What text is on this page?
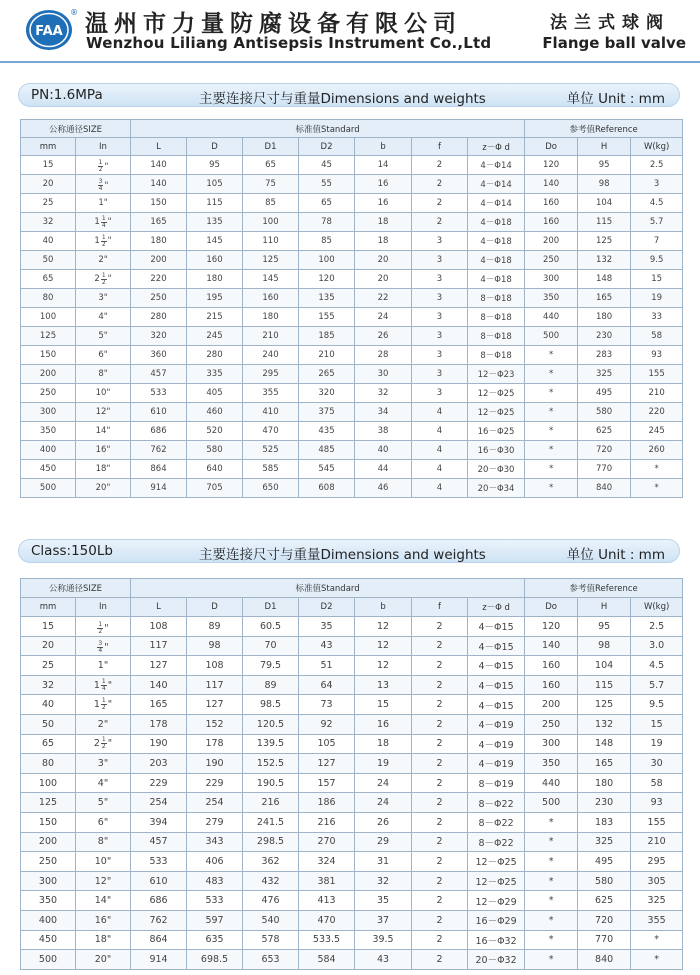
FAA
® 温州市力量防腐设备有限公司
Wenzhou Liliang Antisepsis Instrument Co.,Ltd
法兰式球阀
Flange ball valve
PN:1.6MPa	主要连接尺寸与重量Dimensions and weights	单位 Unit : mm
公称通径SIZE		标准值Standard							参考值Reference		
mm	In	L	D	D1	D2	b	f	z－Φ d	Do	H	W(kg)
15	$\frac{1}{2}$ "	140	95	65	45	14	2	4－Φ14	120	95	2.5
20	$\frac{3}{4}$ "	140	105	75	55	16	2	4－Φ14	140	98	3
25	1"	150	115	85	65	16	2	4－Φ14	160	104	4.5
32	$1 \frac{1}{4}$ "	165	135	100	78	18	2	4－Φ18	160	115	5.7
40	$1 \frac{1}{2}$ "	180	145	110	85	18	3	4－Φ18	200	125	7
50	2"	200	160	125	100	20	3	4－Φ18	250	132	9.5
65	$2 \frac{1}{2}$ "	220	180	145	120	20	3	4－Φ18	300	148	15
80	3"	250	195	160	135	22	3	8－Φ18	350	165	19
100	4"	280	215	180	155	24	3	8－Φ18	440	180	33
125	5"	320	245	210	185	26	3	8－Φ18	500	230	58
150	6"	360	280	240	210	28	3	8－Φ18	*	283	93
200	8"	457	335	295	265	30	3	12－Φ23	*	325	155
250	10"	533	405	355	320	32	3	12－Φ25	*	495	210
300	12"	610	460	410	375	34	4	12－Φ25	*	580	220
350	14"	686	520	470	435	38	4	16－Φ25	*	625	245
400	16"	762	580	525	485	40	4	16－Φ30	*	720	260
450	18"	864	640	585	545	44	4	20－Φ30	*	770	*
500	20"	914	705	650	608	46	4	20－Φ34	*	840	*
Class:150Lb	主要连接尺寸与重量Dimensions and weights	单位 Unit : mm
公称通径SIZE		标准值Standard							参考值Reference		
mm	In	L	D	D1	D2	b	f	z－Φ d	Do	H	W(kg)
15	$\frac{1}{2}$ "	108	89	60.5	35	12	2	4－Φ15	120	95	2.5
20	$\frac{3}{4}$ "	117	98	70	43	12	2	4－Φ15	140	98	3.0
25	1"	127	108	79.5	51	12	2	4－Φ15	160	104	4.5
32	$1 \frac{1}{4}$ "	140	117	89	64	13	2	4－Φ15	160	115	5.7
40	$1 \frac{1}{2}$ "	165	127	98.5	73	15	2	4－Φ15	200	125	9.5
50	2"	178	152	120.5	92	16	2	4－Φ19	250	132	15
65	$2 \frac{1}{2}$ "	190	178	139.5	105	18	2	4－Φ19	300	148	19
80	3"	203	190	152.5	127	19	2	4－Φ19	350	165	30
100	4"	229	229	190.5	157	24	2	8－Φ19	440	180	58
125	5"	254	254	216	186	24	2	8－Φ22	500	230	93
150	6"	394	279	241.5	216	26	2	8－Φ22	*	183	155
200	8"	457	343	298.5	270	29	2	8－Φ22	*	325	210
250	10"	533	406	362	324	31	2	12－Φ25	*	495	295
300	12"	610	483	432	381	32	2	12－Φ25	*	580	305
350	14"	686	533	476	413	35	2	12－Φ29	*	625	325
400	16"	762	597	540	470	37	2	16－Φ29	*	720	355
450	18"	864	635	578	533.5	39.5	2	16－Φ32	*	770	*
500	20"	914	698.5	653	584	43	2	20－Φ32	*	840	*
